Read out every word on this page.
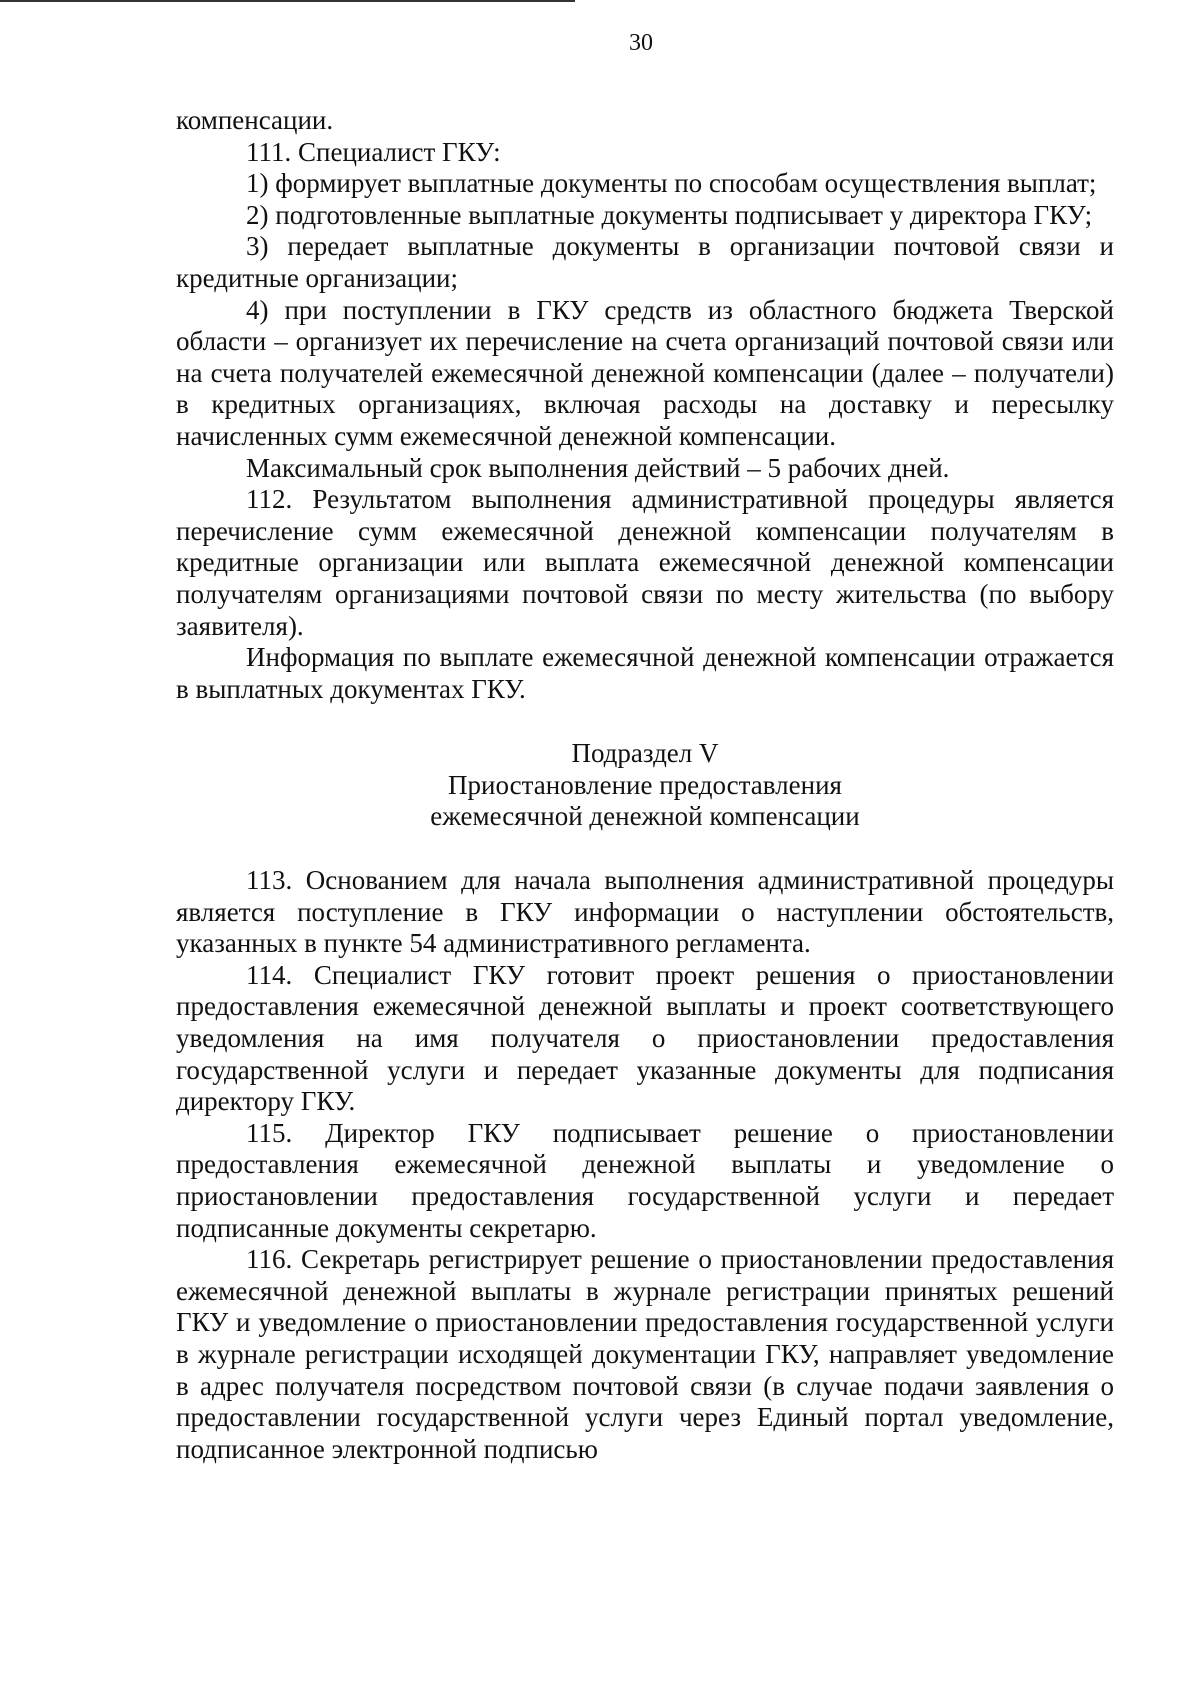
30

компенсации.

111. Специалист ГКУ:

1) формирует выплатные документы по способам осуществления выплат;

2) подготовленные выплатные документы подписывает у директора ГКУ;

3) передает выплатные документы в организации почтовой связи и кредитные организации;

4) при поступлении в ГКУ средств из областного бюджета Тверской области – организует их перечисление на счета организаций почтовой связи или на счета получателей ежемесячной денежной компенсации (далее – получатели) в кредитных организациях, включая расходы на доставку и пересылку начисленных сумм ежемесячной денежной компенсации.

Максимальный срок выполнения действий – 5 рабочих дней.

112. Результатом выполнения административной процедуры является перечисление сумм ежемесячной денежной компенсации получателям в кредитные организации или выплата ежемесячной денежной компенсации получателям организациями почтовой связи по месту жительства (по выбору заявителя).

Информация по выплате ежемесячной денежной компенсации отражается в выплатных документах ГКУ.

Подраздел V

Приостановление предоставления

ежемесячной денежной компенсации

113. Основанием для начала выполнения административной процедуры является поступление в ГКУ информации о наступлении обстоятельств, указанных в пункте 54 административного регламента.

114. Специалист ГКУ готовит проект решения о приостановлении предоставления ежемесячной денежной выплаты и проект соответствующего уведомления на имя получателя о приостановлении предоставления государственной услуги и передает указанные документы для подписания директору ГКУ.

115. Директор ГКУ подписывает решение о приостановлении предоставления ежемесячной денежной выплаты и уведомление о приостановлении предоставления государственной услуги и передает подписанные документы секретарю.

116. Секретарь регистрирует решение о приостановлении предоставления ежемесячной денежной выплаты в журнале регистрации принятых решений ГКУ и уведомление о приостановлении предоставления государственной услуги в журнале регистрации исходящей документации ГКУ, направляет уведомление в адрес получателя посредством почтовой связи (в случае подачи заявления о предоставлении государственной услуги через Единый портал уведомление, подписанное электронной подписью
